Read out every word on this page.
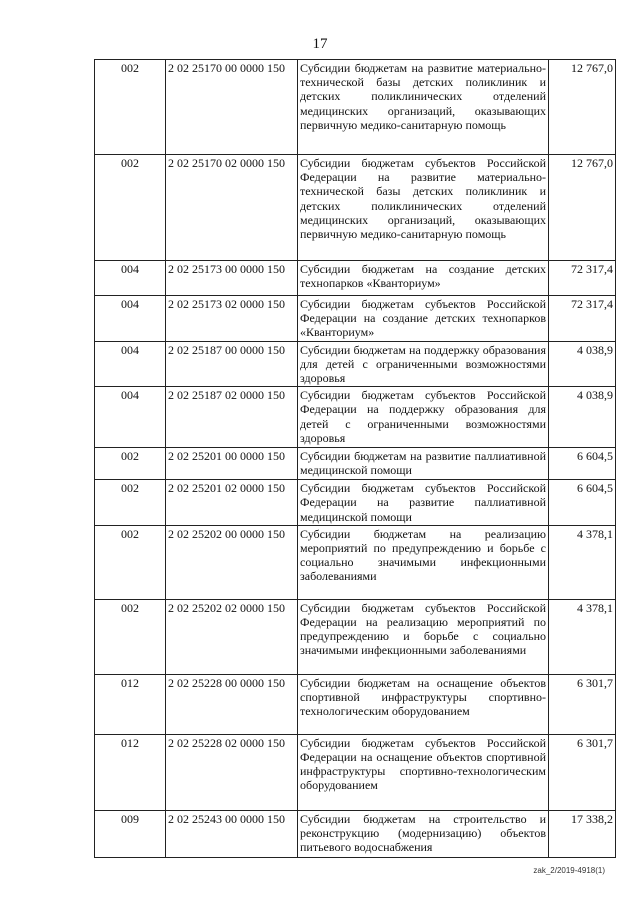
17
002	2 02 25170 00 0000 150	Субсидии бюджетам на развитие материально-технической базы детских поликлиник и детских поликлинических отделений медицинских организаций, оказывающих первичную медико-санитарную помощь	12 767,0
002	2 02 25170 02 0000 150	Субсидии бюджетам субъектов Российской Федерации на развитие материально-технической базы детских поликлиник и детских поликлинических отделений медицинских организаций, оказывающих первичную медико-санитарную помощь	12 767,0
004	2 02 25173 00 0000 150	Субсидии бюджетам на создание детских технопарков «Кванториум»	72 317,4
004	2 02 25173 02 0000 150	Субсидии бюджетам субъектов Российской Федерации на создание детских технопарков «Кванториум»	72 317,4
004	2 02 25187 00 0000 150	Субсидии бюджетам на поддержку образования для детей с ограниченными возможностями здоровья	4 038,9
004	2 02 25187 02 0000 150	Субсидии бюджетам субъектов Российской Федерации на поддержку образования для детей с ограниченными возможностями здоровья	4 038,9
002	2 02 25201 00 0000 150	Субсидии бюджетам на развитие паллиативной медицинской помощи	6 604,5
002	2 02 25201 02 0000 150	Субсидии бюджетам субъектов Российской Федерации на развитие паллиативной медицинской помощи	6 604,5
002	2 02 25202 00 0000 150	Субсидии бюджетам на реализацию мероприятий по предупреждению и борьбе с социально значимыми инфекционными заболеваниями	4 378,1
002	2 02 25202 02 0000 150	Субсидии бюджетам субъектов Российской Федерации на реализацию мероприятий по предупреждению и борьбе с социально значимыми инфекционными заболеваниями	4 378,1
012	2 02 25228 00 0000 150	Субсидии бюджетам на оснащение объектов спортивной инфраструктуры спортивно-технологическим оборудованием	6 301,7
012	2 02 25228 02 0000 150	Субсидии бюджетам субъектов Российской Федерации на оснащение объектов спортивной инфраструктуры спортивно-технологическим оборудованием	6 301,7
009	2 02 25243 00 0000 150	Субсидии бюджетам на строительство и реконструкцию (модернизацию) объектов питьевого водоснабжения	17 338,2
zak_2/2019-4918(1)
